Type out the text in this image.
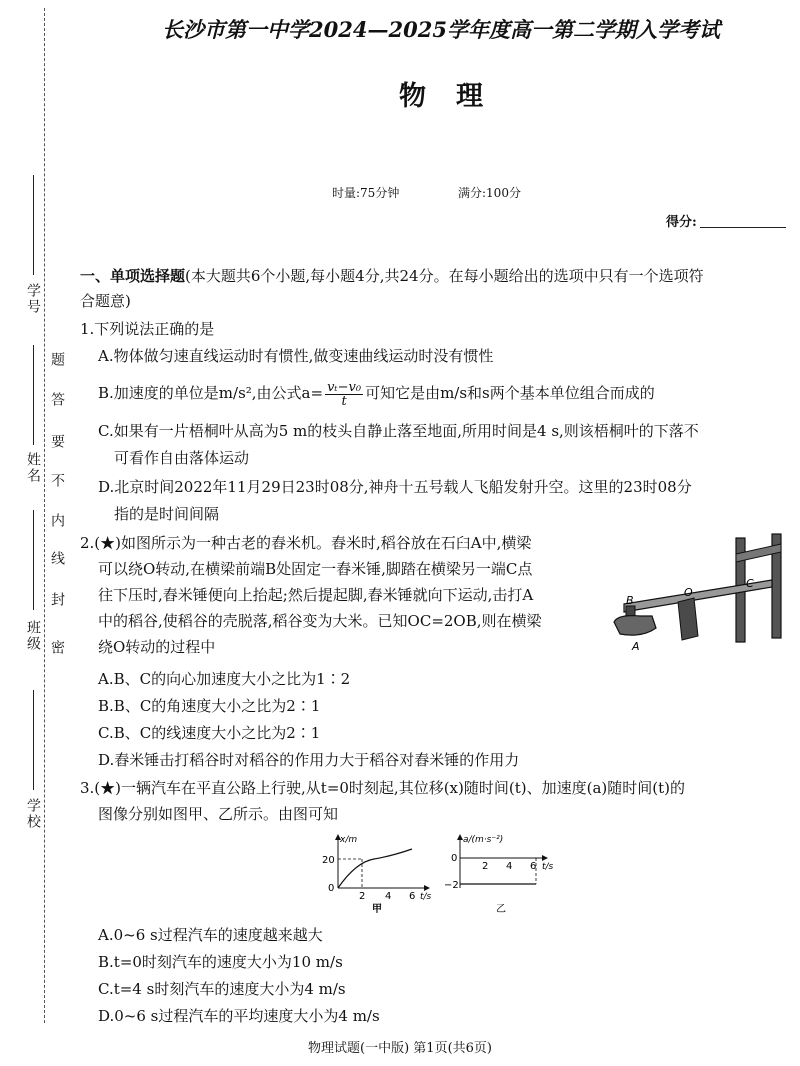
学号
姓名
班级
学校
密
封
线
内
不
要
答
题
长沙市第一中学2024—2025学年度高一第二学期入学考试
物理
时量:75分钟	满分:100分
得分:
一、单项选择题(本大题共6个小题,每小题4分,共24分。在每小题给出的选项中只有一个选项符
合题意)
1.下列说法正确的是
A.物体做匀速直线运动时有惯性,做变速曲线运动时没有惯性
B.加速度的单位是m/s²,由公式$a= \frac{\text{vₜ−v₀}}{t}$ 可知它是由m/s和s两个基本单位组合而成的
C.如果有一片梧桐叶从高为5 m的枝头自静止落至地面,所用时间是4 s,则该梧桐叶的下落不
可看作自由落体运动
D.北京时间2022年11月29日23时08分,神舟十五号载人飞船发射升空。这里的23时08分
指的是时间间隔
2.(★)如图所示为一种古老的舂米机。舂米时,稻谷放在石臼A中,横梁
可以绕O转动,在横梁前端B处固定一舂米锤,脚踏在横梁另一端C点
往下压时,舂米锤便向上抬起;然后提起脚,舂米锤就向下运动,击打A
中的稻谷,使稻谷的壳脱落,稻谷变为大米。已知OC=2OB,则在横梁
绕O转动的过程中
A.B、C的向心加速度大小之比为1∶2
B.B、C的角速度大小之比为2∶1
C.B、C的线速度大小之比为2∶1
D.舂米锤击打稻谷时对稻谷的作用力大于稻谷对舂米锤的作用力
B
O
C
A
3.(★)一辆汽车在平直公路上行驶,从t=0时刻起,其位移(x)随时间(t)、加速度(a)随时间(t)的
图像分别如图甲、乙所示。由图可知
x/m
20
0
2 4 6 t/s
甲
a/(m·s⁻²)
0
−2
2 4 6 t/s
乙
A.0~6 s过程汽车的速度越来越大
B.t=0时刻汽车的速度大小为10 m/s
C.t=4 s时刻汽车的速度大小为4 m/s
D.0~6 s过程汽车的平均速度大小为4 m/s
物理试题(一中版) 第1页(共6页)
